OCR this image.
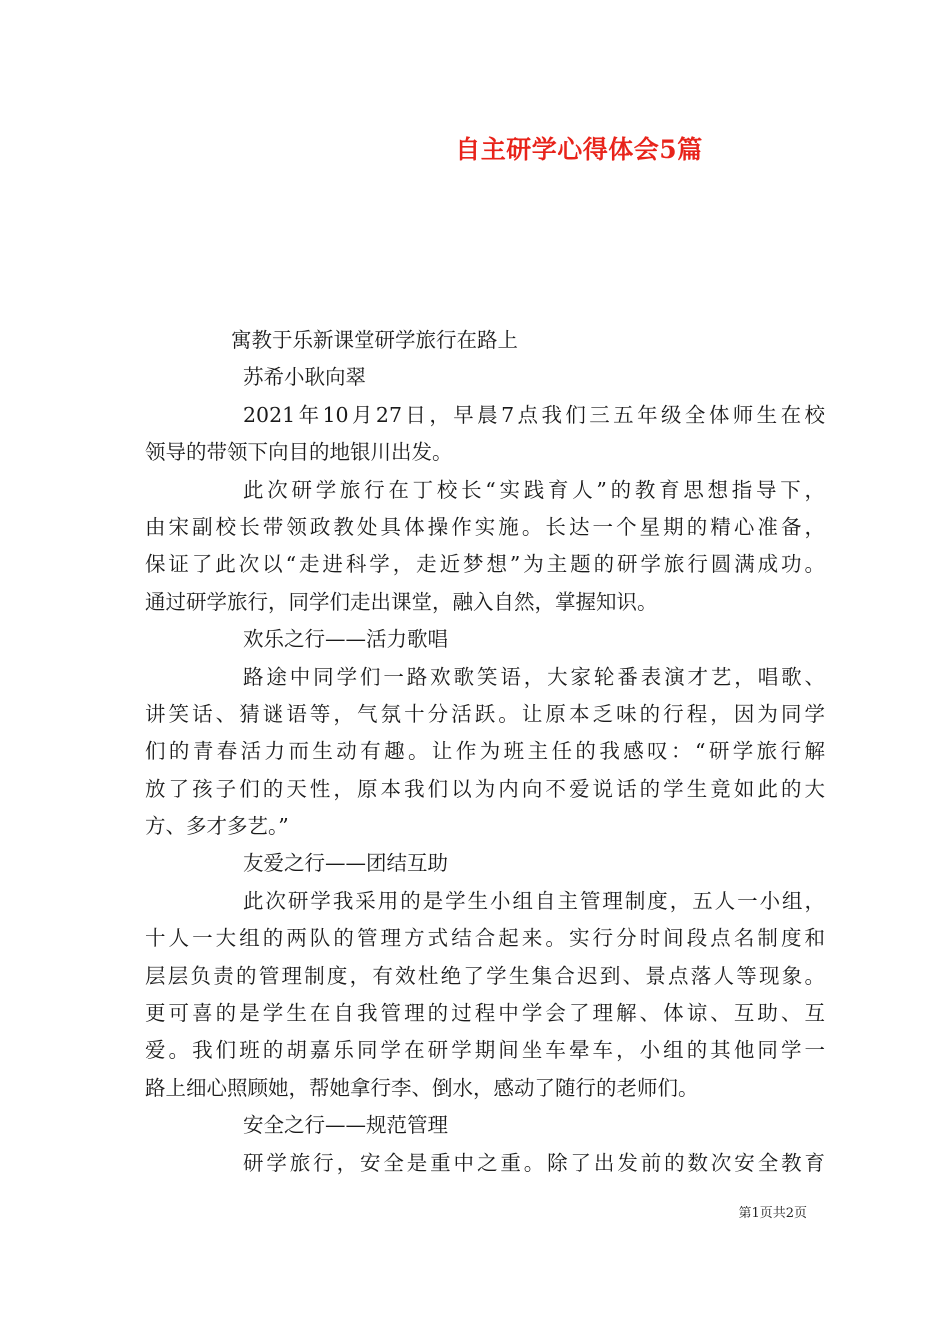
自主研学心得体会5篇
寓教于乐新课堂研学旅行在路上
苏希小耿向翠
2021年10月27日，早晨7点我们三五年级全体师生在校
领导的带领下向目的地银川出发。
此次研学旅行在丁校长“实践育人”的教育思想指导下，
由宋副校长带领政教处具体操作实施。长达一个星期的精心准备，
保证了此次以“走进科学，走近梦想”为主题的研学旅行圆满成功。
通过研学旅行，同学们走出课堂，融入自然，掌握知识。
欢乐之行——活力歌唱
路途中同学们一路欢歌笑语，大家轮番表演才艺，唱歌、
讲笑话、猜谜语等，气氛十分活跃。让原本乏味的行程，因为同学
们的青春活力而生动有趣。让作为班主任的我感叹：“研学旅行解
放了孩子们的天性，原本我们以为内向不爱说话的学生竟如此的大
方、多才多艺。”
友爱之行——团结互助
此次研学我采用的是学生小组自主管理制度，五人一小组，
十人一大组的两队的管理方式结合起来。实行分时间段点名制度和
层层负责的管理制度，有效杜绝了学生集合迟到、景点落人等现象。
更可喜的是学生在自我管理的过程中学会了理解、体谅、互助、互
爱。我们班的胡嘉乐同学在研学期间坐车晕车，小组的其他同学一
路上细心照顾她，帮她拿行李、倒水，感动了随行的老师们。
安全之行——规范管理
研学旅行，安全是重中之重。除了出发前的数次安全教育
第1页共2页
